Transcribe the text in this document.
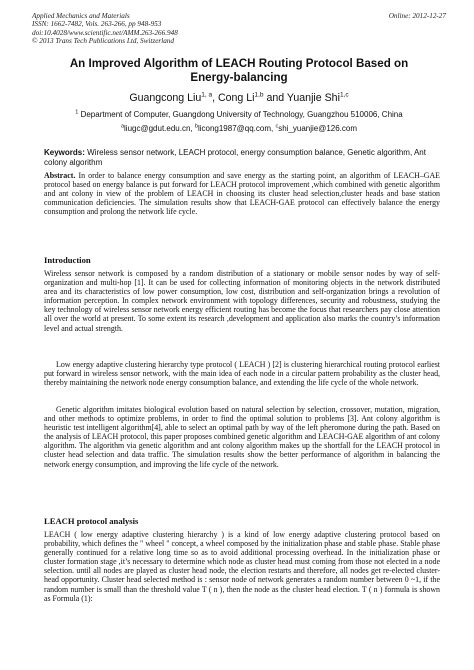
Applied Mechanics and Materials	Online: 2012-12-27
ISSN: 1662-7482, Vols. 263-266, pp 948-953
doi:10.4028/www.scientific.net/AMM.263-266.948
© 2013 Trans Tech Publications Ltd, Switzerland
An Improved Algorithm of LEACH Routing Protocol Based on
Energy-balancing
Guangcong Liu$^{1, a}$, Cong Li$^{1,b}$ and Yuanjie Shi$^{1,c}$
$^1$ Department of Computer, Guangdong University of Technology, Guangzhou 510006, China
$^a$liugc@gdut.edu.cn, $^b$licong1987@qq.com, $^c$shi_yuanjie@126.com
Keywords: Wireless sensor network, LEACH protocol, energy consumption balance, Genetic algorithm, Ant colony algorithm
Abstract. In order to balance energy consumption and save energy as the starting point, an algorithm of LEACH–GAE protocol based on energy balance is put forward for LEACH protocol improvement ,which combined with genetic algorithm and ant colony in view of the problem of LEACH in choosing its cluster head selection,cluster heads and base station communication deficiencies. The simulation results show that LEACH-GAE protocol can effectively balance the energy consumption and prolong the network life cycle.
Introduction
Wireless sensor network is composed by a random distribution of a stationary or mobile sensor nodes by way of self-organization and multi-hop [1]. It can be used for collecting information of monitoring objects in the network distributed area and its characteristics of low power consumption, low cost, distribution and self-organization brings a revolution of information perception. In complex network environment with topology differences, security and robustness, studying the key technology of wireless sensor network energy efficient routing has become the focus that researchers pay close attention all over the world at present. To some extent its research ,development and application also marks the country’s information level and actual strength.
Low energy adaptive clustering hierarchy type protocol ( LEACH ) [2] is clustering hierarchical routing protocol earliest put forward in wireless sensor network, with the main idea of each node in a circular pattern probability as the cluster head, thereby maintaining the network node energy consumption balance, and extending the life cycle of the whole network.
Genetic algorithm imitates biological evolution based on natural selection by selection, crossover, mutation, migration, and other methods to optimize problems, in order to find the optimal solution to problems [3]. Ant colony algorithm is heuristic test intelligent algorithm[4], able to select an optimal path by way of the left pheromone during the path. Based on the analysis of LEACH protocol, this paper proposes combined genetic algorithm and LEACH-GAE algorithm of ant colony algorithm. The algorithm via genetic algorithm and ant colony algorithm makes up the shortfall for the LEACH protocol in cluster head selection and data traffic. The simulation results show the better performance of algorithm in balancing the network energy consumption, and improving the life cycle of the network.
LEACH protocol analysis
LEACH ( low energy adaptive clustering hierarchy ) is a kind of low energy adaptive clustering protocol based on probability, which defines the " wheel " concept, a wheel composed by the initialization phase and stable phase. Stable phase generally continued for a relative long time so as to avoid additional processing overhead. In the initialization phase or cluster formation stage ,it’s necessary to determine which node as cluster head must coming from those not elected in a node selection. until all nodes are played as cluster head node, the election restarts and therefore, all nodes get re-elected cluster-head opportunity. Cluster head selected method is : sensor node of network generates a random number between 0 ~1, if the random number is small than the threshold value T ( n ), then the node as the cluster head election. T ( n ) formula is shown as Formula (1):
